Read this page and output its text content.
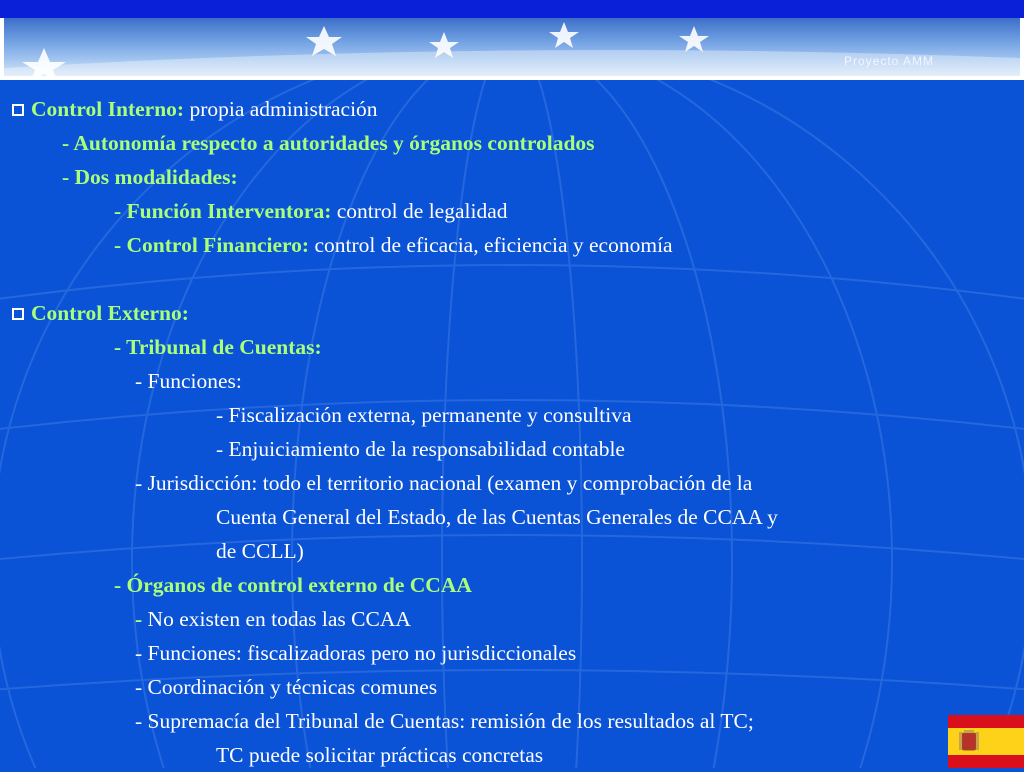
Proyecto AMM
Control Interno: propia administración
- Autonomía respecto a autoridades y órganos controlados
- Dos modalidades:
- Función Interventora: control de legalidad
- Control Financiero: control de eficacia, eficiencia y economía
Control Externo:
- Tribunal de Cuentas:
- Funciones:
- Fiscalización externa, permanente y consultiva
- Enjuiciamiento de la responsabilidad contable
- Jurisdicción: todo el territorio nacional (examen y comprobación de la
Cuenta General del Estado, de las Cuentas Generales de CCAA y
de CCLL)
- Órganos de control externo de CCAA
- No existen en todas las CCAA
- Funciones: fiscalizadoras pero no jurisdiccionales
- Coordinación y técnicas comunes
- Supremacía del Tribunal de Cuentas: remisión de los resultados al TC;
TC puede solicitar prácticas concretas
